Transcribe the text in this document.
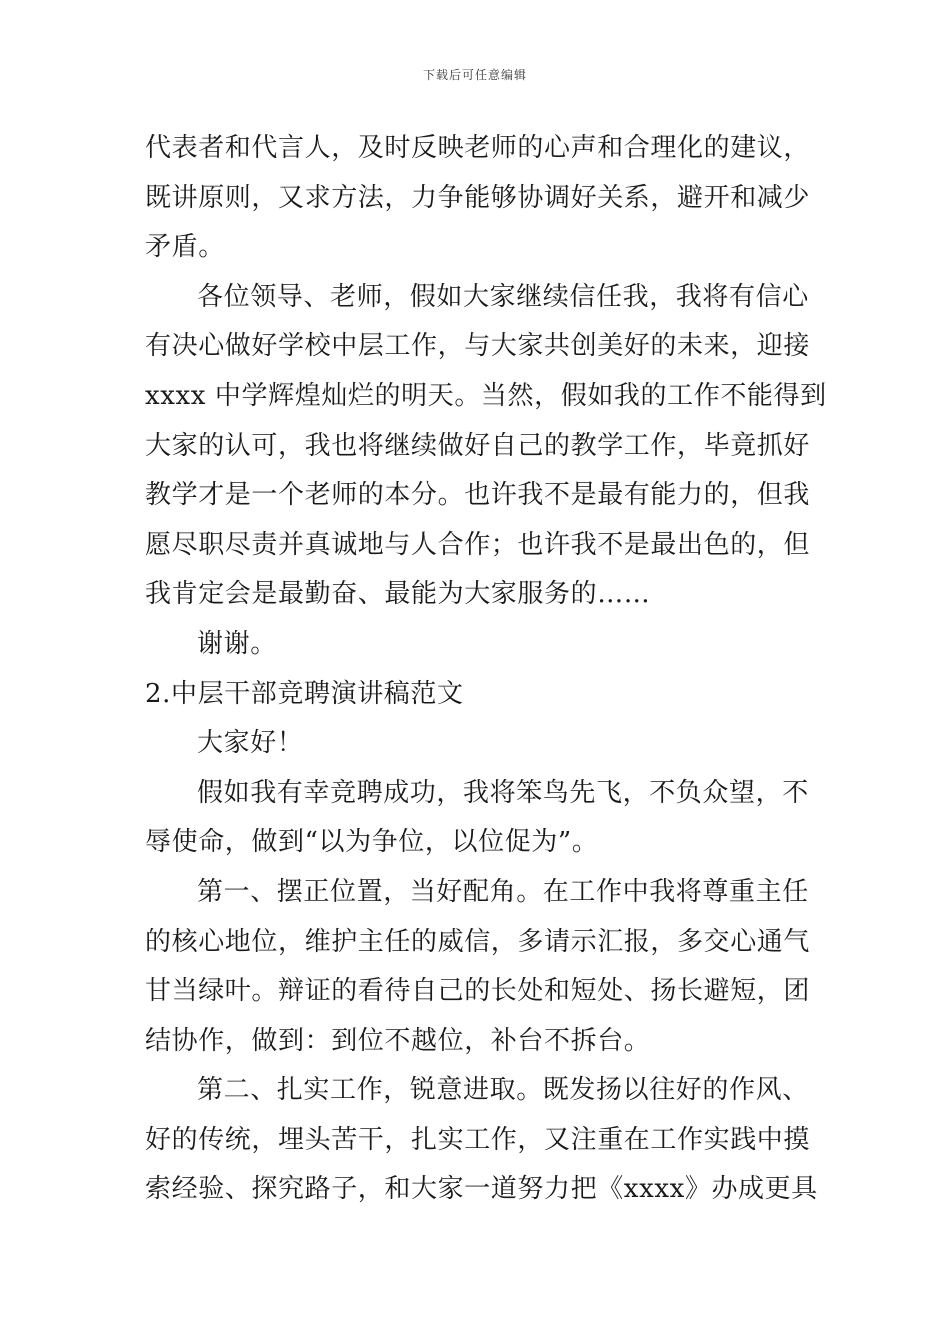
下载后可任意编辑
代表者和代言人，及时反映老师的心声和合理化的建议，
既讲原则，又求方法，力争能够协调好关系，避开和减少
矛盾。
各位领导、老师，假如大家继续信任我，我将有信心
有决心做好学校中层工作，与大家共创美好的未来，迎接
xxxx 中学辉煌灿烂的明天。当然，假如我的工作不能得到
大家的认可，我也将继续做好自己的教学工作，毕竟抓好
教学才是一个老师的本分。也许我不是最有能力的，但我
愿尽职尽责并真诚地与人合作；也许我不是最出色的，但
我肯定会是最勤奋、最能为大家服务的……
谢谢。
2.中层干部竞聘演讲稿范文
大家好！
假如我有幸竞聘成功，我将笨鸟先飞，不负众望，不
辱使命，做到“以为争位，以位促为”。
第一、摆正位置，当好配角。在工作中我将尊重主任
的核心地位，维护主任的威信，多请示汇报，多交心通气
甘当绿叶。辩证的看待自己的长处和短处、扬长避短，团
结协作，做到：到位不越位，补台不拆台。
第二、扎实工作，锐意进取。既发扬以往好的作风、
好的传统，埋头苦干，扎实工作，又注重在工作实践中摸
索经验、探究路子，和大家一道努力把《xxxx》办成更具
